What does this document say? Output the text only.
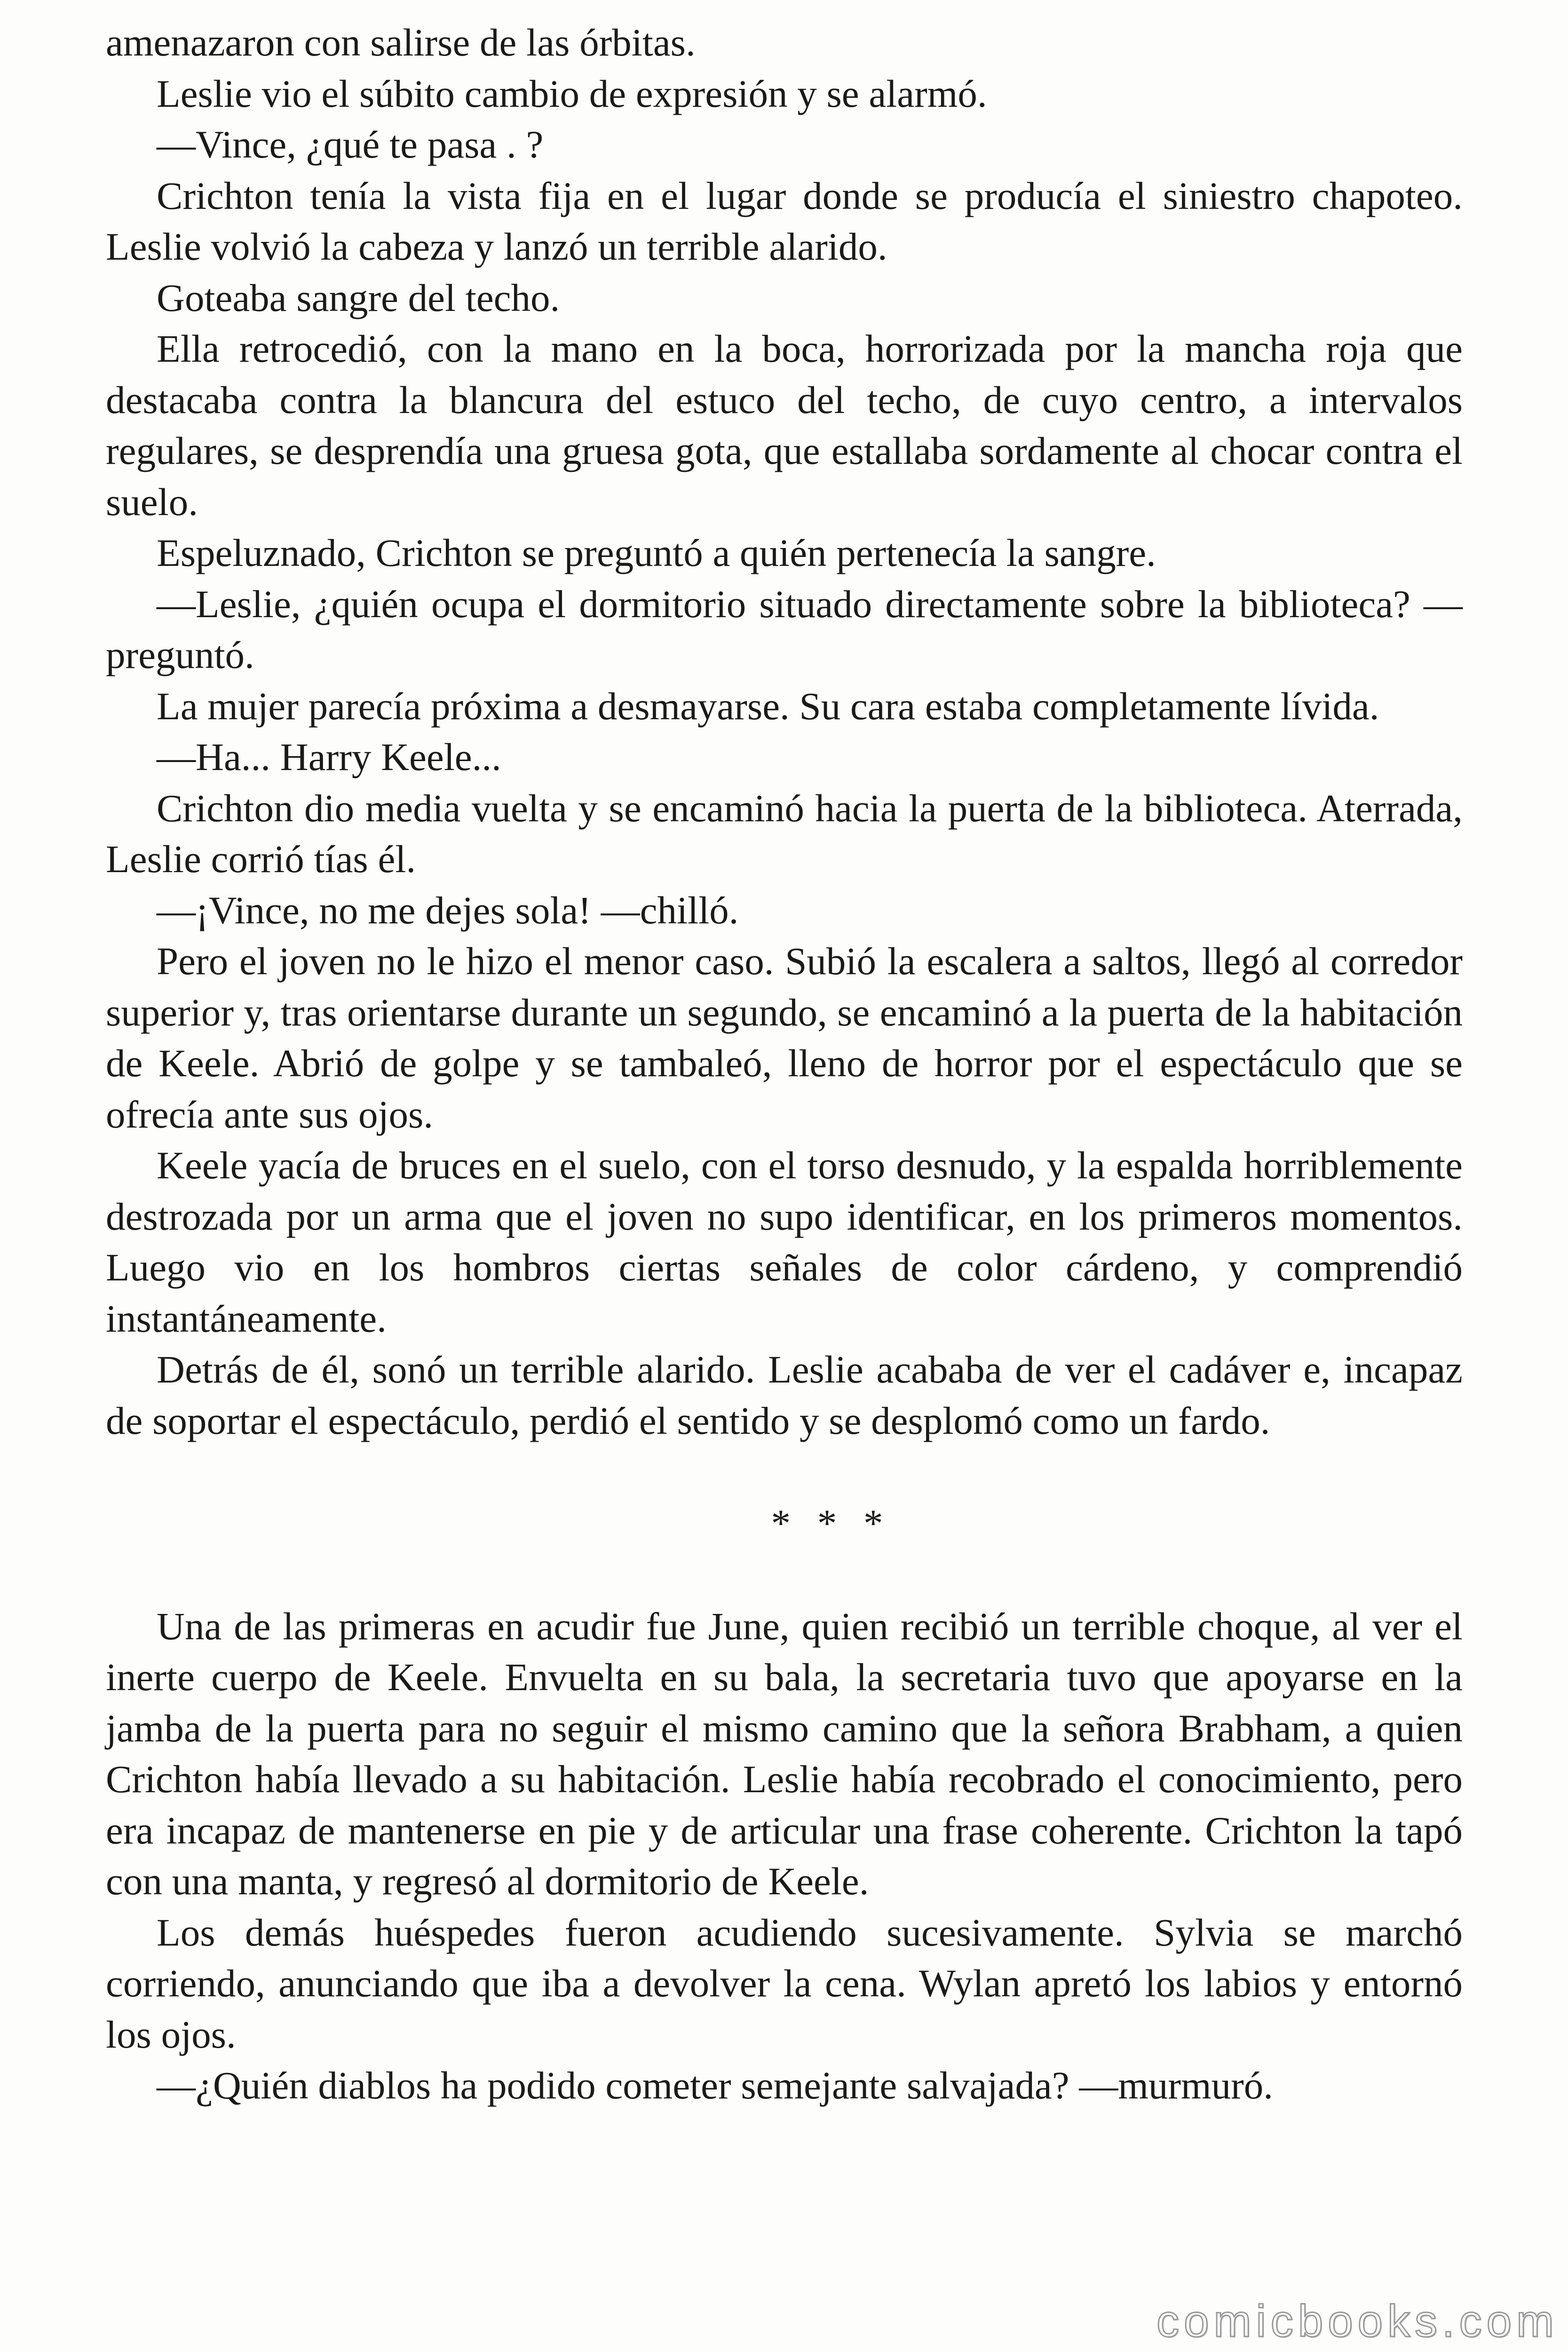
amenazaron con salirse de las órbitas.

Leslie vio el súbito cambio de expresión y se alarmó.

—Vince, ¿qué te pasa . ?

Crichton tenía la vista fija en el lugar donde se producía el siniestro chapoteo. Leslie volvió la cabeza y lanzó un terrible alarido.

Goteaba sangre del techo.

Ella retrocedió, con la mano en la boca, horrorizada por la mancha roja que destacaba contra la blancura del estuco del techo, de cuyo centro, a intervalos regulares, se desprendía una gruesa gota, que estallaba sordamente al chocar contra el suelo.

Espeluznado, Crichton se preguntó a quién pertenecía la sangre.

—Leslie, ¿quién ocupa el dormitorio situado directamente sobre la biblioteca? —preguntó.

La mujer parecía próxima a desmayarse. Su cara estaba completamente lívida.

—Ha... Harry Keele...

Crichton dio media vuelta y se encaminó hacia la puerta de la biblioteca. Aterrada, Leslie corrió tías él.

—¡Vince, no me dejes sola! —chilló.

Pero el joven no le hizo el menor caso. Subió la escalera a saltos, llegó al corredor superior y, tras orientarse durante un segundo, se encaminó a la puerta de la habitación de Keele. Abrió de golpe y se tambaleó, lleno de horror por el espectáculo que se ofrecía ante sus ojos.

Keele yacía de bruces en el suelo, con el torso desnudo, y la espalda horriblemente destrozada por un arma que el joven no supo identificar, en los primeros momentos. Luego vio en los hombros ciertas señales de color cárdeno, y comprendió instantáneamente.

Detrás de él, sonó un terrible alarido. Leslie acababa de ver el cadáver e, incapaz de soportar el espectáculo, perdió el sentido y se desplomó como un fardo.

* * *

Una de las primeras en acudir fue June, quien recibió un terrible choque, al ver el inerte cuerpo de Keele. Envuelta en su bala, la secretaria tuvo que apoyarse en la jamba de la puerta para no seguir el mismo camino que la señora Brabham, a quien Crichton había llevado a su habitación. Leslie había recobrado el conocimiento, pero era incapaz de mantenerse en pie y de articular una frase coherente. Crichton la tapó con una manta, y regresó al dormitorio de Keele.

Los demás huéspedes fueron acudiendo sucesivamente. Sylvia se marchó corriendo, anunciando que iba a devolver la cena. Wylan apretó los labios y entornó los ojos.

—¿Quién diablos ha podido cometer semejante salvajada? —murmuró.

comicbooks.com
